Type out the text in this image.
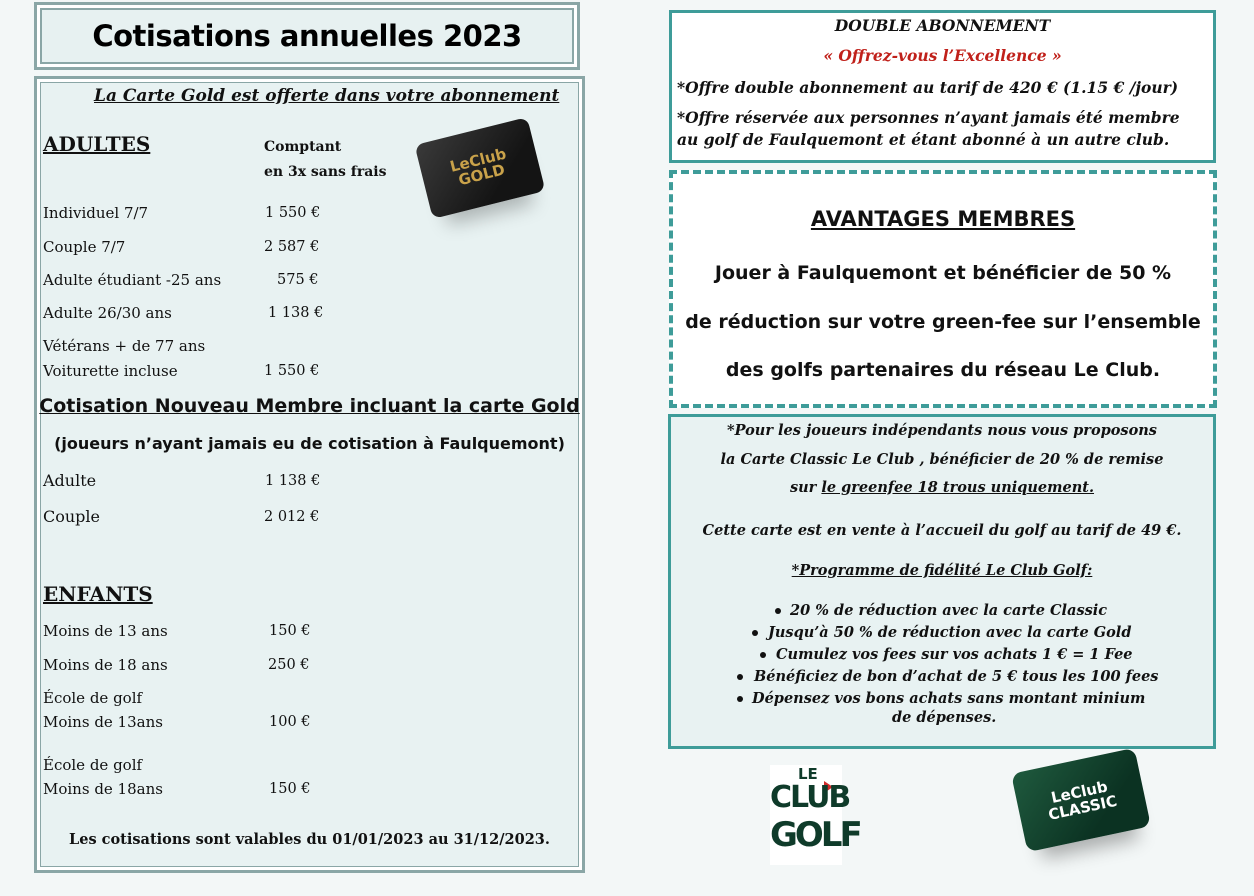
Cotisations annuelles 2023
La Carte Gold est offerte dans votre abonnement
ADULTES	Comptant
en 3x sans frais	LeClub
GOLD
Individuel 7/7	1 550 €
Couple 7/7	2 587 €
Adulte étudiant -25 ans	575 €
Adulte 26/30 ans	1 138 €
Vétérans + de 77 ans
Voiturette incluse	1 550 €
Cotisation Nouveau Membre incluant la carte Gold
(joueurs n’ayant jamais eu de cotisation à Faulquemont)
Adulte	1 138 €
Couple	2 012 €
ENFANTS
Moins de 13 ans	150 €
Moins de 18 ans	250 €
École de golf
Moins de 13ans	100 €
École de golf
Moins de 18ans	150 €
Les cotisations sont valables du 01/01/2023 au 31/12/2023.
DOUBLE ABONNEMENT
« Offrez-vous l’Excellence »
*Offre double abonnement au tarif de 420 € (1.15 € /jour)
*Offre réservée aux personnes n’ayant jamais été membre
au golf de Faulquemont et étant abonné à un autre club.
AVANTAGES MEMBRES
Jouer à Faulquemont et bénéficier de 50 %
de réduction sur votre green-fee sur l’ensemble
des golfs partenaires du réseau Le Club.
*Pour les joueurs indépendants nous vous proposons
la Carte Classic Le Club , bénéficier de 20 % de remise
sur le greenfee 18 trous uniquement.
Cette carte est en vente à l’accueil du golf au tarif de 49 €.
*Programme de fidélité Le Club Golf:
20 % de réduction avec la carte Classic
Jusqu’à 50 % de réduction avec la carte Gold
Cumulez vos fees sur vos achats 1 € = 1 Fee
Bénéficiez de bon d’achat de 5 € tous les 100 fees
Dépensez vos bons achats sans montant minium
de dépenses.
LE
CLUB
GOLF
LeClub
CLASSIC
